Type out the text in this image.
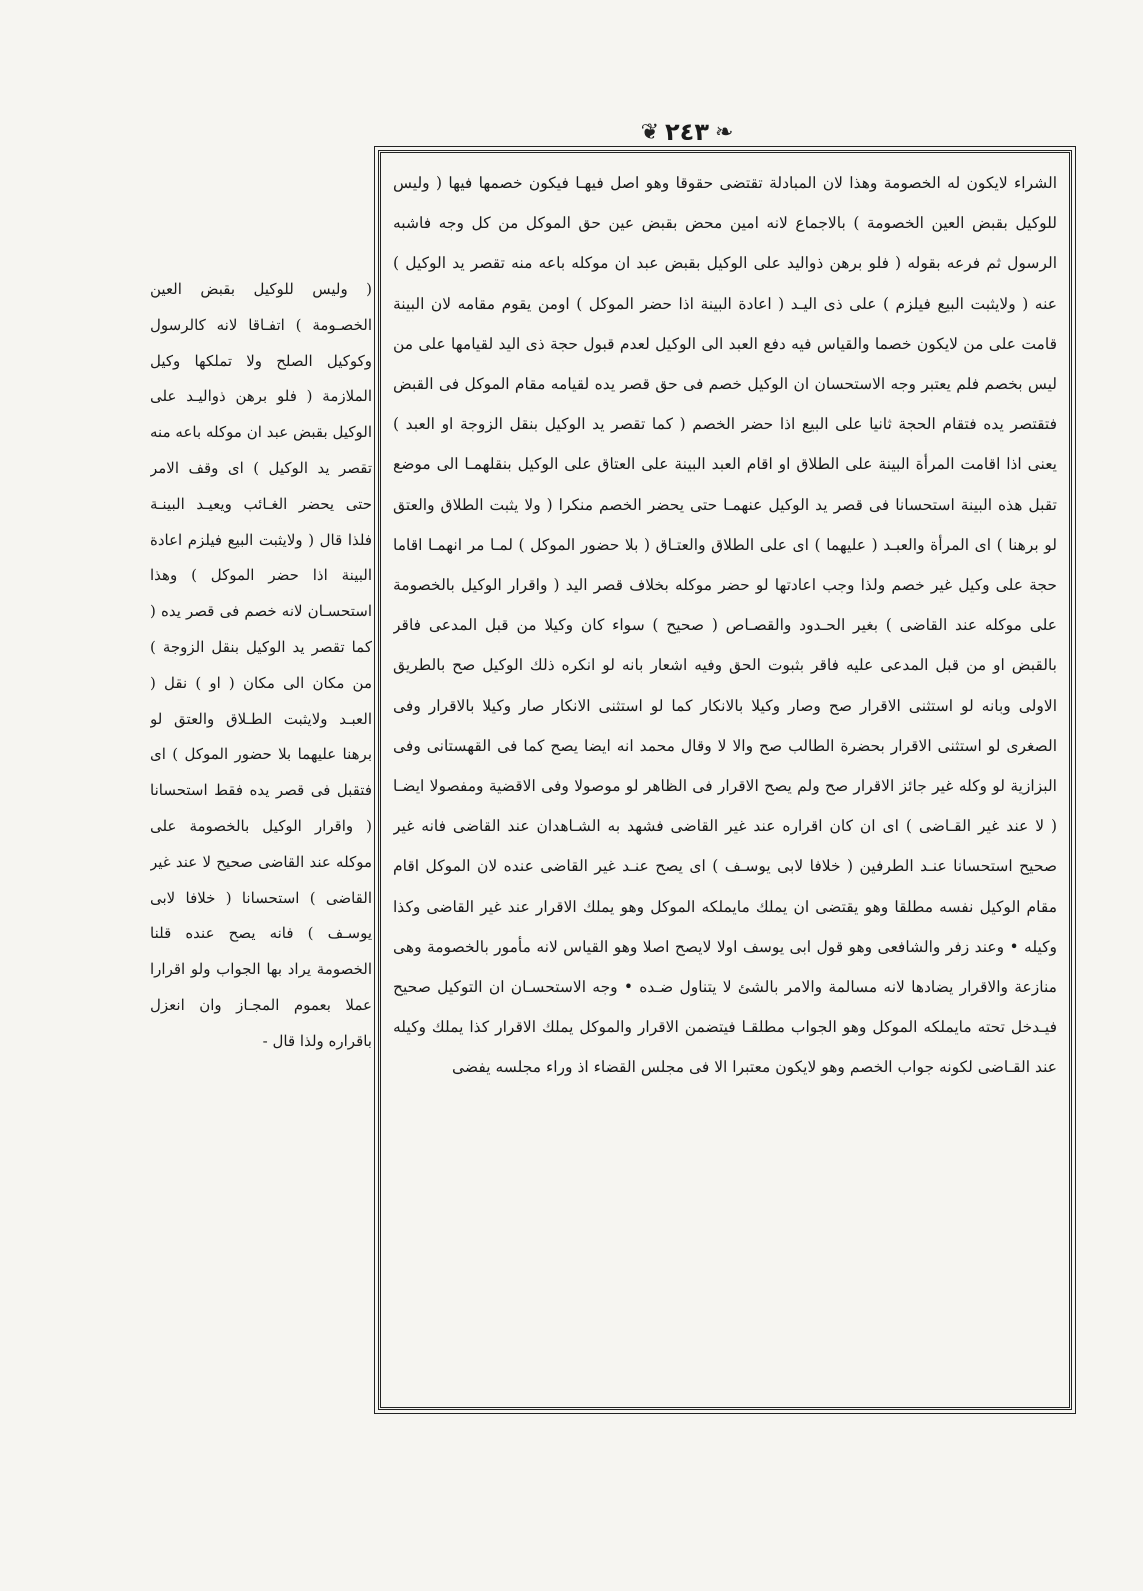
❦ ٢٤٣ ❧

الشراء لايكون له الخصومة وهذا لان المبادلة تقتضى حقوقا وهو اصل فيهـا فيكون خصمها فيها ( وليس للوكيل بقبض العين الخصومة ) بالاجماع لانه امين محض بقبض عين حق الموكل من كل وجه فاشبه الرسول ثم فرعه بقوله ( فلو برهن ذواليد على الوكيل بقبض عبد ان موكله باعه منه تقصر يد الوكيل ) عنه ( ولايثبت البيع فيلزم ) على ذى اليـد ( اعادة البينة اذا حضر الموكل ) اومن يقوم مقامه لان البينة قامت على من لايكون خصما والقياس فيه دفع العبد الى الوكيل لعدم قبول حجة ذى اليد لقيامها على من ليس بخصم فلم يعتبر وجه الاستحسان ان الوكيل خصم فى حق قصر يده لقيامه مقام الموكل فى القبض فتقتصر يده فتقام الحجة ثانيا على البيع اذا حضر الخصم ( كما تقصر يد الوكيل بنقل الزوجة او العبد ) يعنى اذا اقامت المرأة البينة على الطلاق او اقام العبد البينة على العتاق على الوكيل بنقلهمـا الى موضع تقبل هذه البينة استحسانا فى قصر يد الوكيل عنهمـا حتى يحضر الخصم منكرا ( ولا يثبت الطلاق والعتق لو برهنا ) اى المرأة والعبـد ( عليهما ) اى على الطلاق والعتـاق ( بلا حضور الموكل ) لمـا مر انهمـا اقاما حجة على وكيل غير خصم ولذا وجب اعادتها لو حضر موكله بخلاف قصر اليد ( واقرار الوكيل بالخصومة على موكله عند القاضى ) بغير الحـدود والقصـاص ( صحيح ) سواء كان وكيلا من قبل المدعى فاقر بالقبض او من قبل المدعى عليه فاقر بثبوت الحق وفيه اشعار بانه لو انكره ذلك الوكيل صح بالطريق الاولى وبانه لو استثنى الاقرار صح وصار وكيلا بالانكار كما لو استثنى الانكار صار وكيلا بالاقرار وفى الصغرى لو استثنى الاقرار بحضرة الطالب صح والا لا وقال محمد انه ايضا يصح كما فى القهستانى وفى البزازية لو وكله غير جائز الاقرار صح ولم يصح الاقرار فى الظاهر لو موصولا وفى الاقضية ومفصولا ايضـا ( لا عند غير القـاضى ) اى ان كان اقراره عند غير القاضى فشهد به الشـاهدان عند القاضى فانه غير صحيح استحسانا عنـد الطرفين ( خلافا لابى يوسـف ) اى يصح عنـد غير القاضى عنده لان الموكل اقام مقام الوكيل نفسه مطلقا وهو يقتضى ان يملك مايملكه الموكل وهو يملك الاقرار عند غير القاضى وكذا وكيله • وعند زفر والشافعى وهو قول ابى يوسف اولا لايصح اصلا وهو القياس لانه مأمور بالخصومة وهى منازعة والاقرار يضادها لانه مسالمة والامر بالشئ لا يتناول ضـده • وجه الاستحسـان ان التوكيل صحيح فيـدخل تحته مايملكه الموكل وهو الجواب مطلقـا فيتضمن الاقرار والموكل يملك الاقرار كذا يملك وكيله عند القـاضى لكونه جواب الخصم وهو لايكون معتبرا الا فى مجلس القضاء اذ وراء مجلسه يفضى

( وليس للوكيل بقبض العين الخصـومة ) اتفـاقا لانه كالرسول وكوكيل الصلح ولا تملكها وكيل الملازمة ( فلو برهن ذواليـد على الوكيل بقبض عبد ان موكله باعه منه تقصر يد الوكيل ) اى وقف الامر حتى يحضر الغـائب ويعيـد البينـة فلذا قال ( ولايثبت البيع فيلزم اعادة البينة اذا حضر الموكل ) وهذا استحسـان لانه خصم فى قصر يده ( كما تقصر يد الوكيل بنقل الزوجة ) من مكان الى مكان ( او ) نقل ( العبـد ولايثبت الطـلاق والعتق لو برهنا عليهما بلا حضور الموكل ) اى فتقبل فى قصر يده فقط استحسانا ( واقرار الوكيل بالخصومة على موكله عند القاضى صحيح لا عند غير القاضى ) استحسانا ( خلافا لابى يوسـف ) فانه يصح عنده قلنا الخصومة يراد بها الجواب ولو اقرارا عملا بعموم المجـاز وان انعزل باقراره ولذا قال -
